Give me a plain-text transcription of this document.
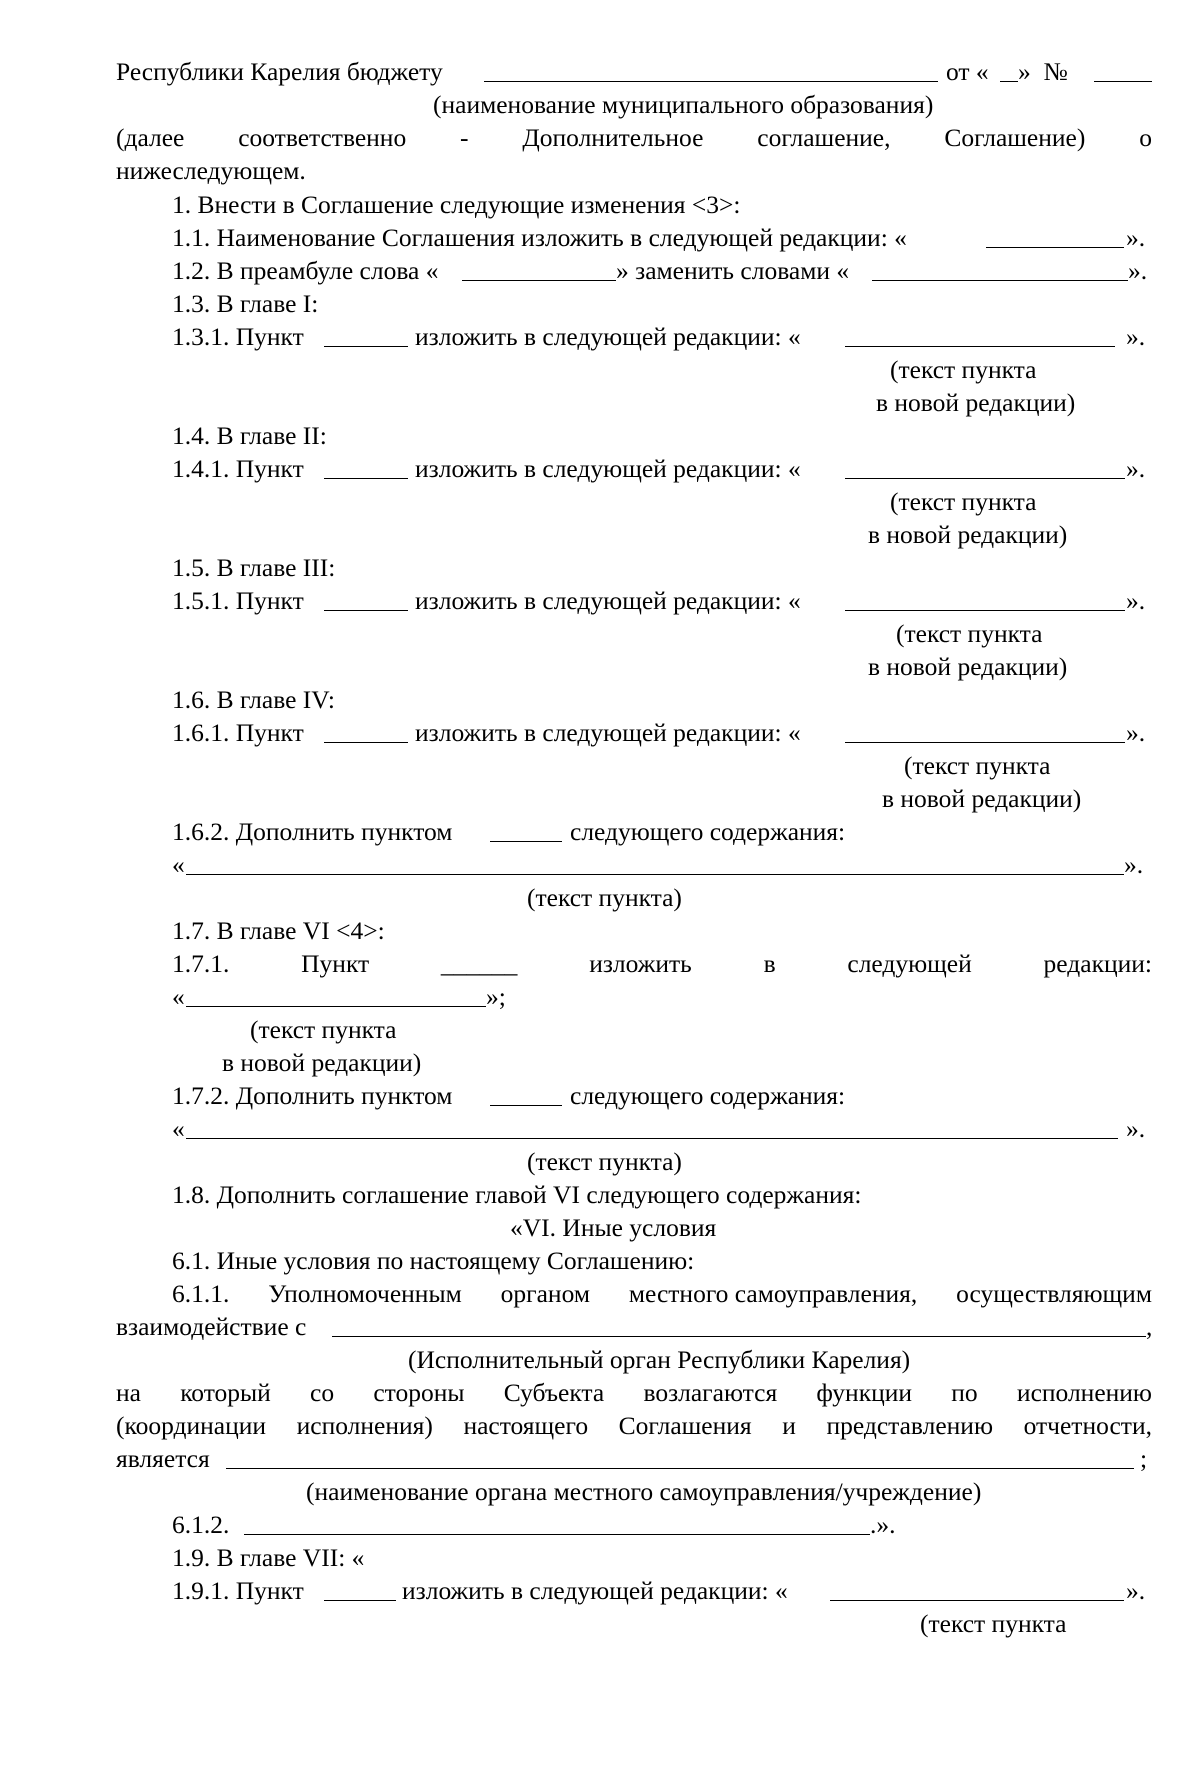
Республики Карелия бюджету

	от «

»  №

(наименование муниципального образования)

(далее соответственно - Дополнительное соглашение, Соглашение) о

нижеследующем.

1. Внести в Соглашение следующие изменения <3>:

1.1. Наименование Соглашения изложить в следующей редакции: «

	».

1.2. В преамбуле слова «

	» заменить словами «

	».

1.3. В главе I:

1.3.1. Пункт

	изложить в следующей редакции: «

	».

(текст пункта

в новой редакции)

1.4. В главе II:

1.4.1. Пункт

	изложить в следующей редакции: «

	».

(текст пункта

в новой редакции)

1.5. В главе III:

1.5.1. Пункт

	изложить в следующей редакции: «

	».

(текст пункта

в новой редакции)

1.6. В главе IV:

1.6.1. Пункт

	изложить в следующей редакции: «

	».

(текст пункта

в новой редакции)

1.6.2. Дополнить пунктом

	следующего содержания:

«

	».

(текст пункта)

1.7. В главе VI <4>:

1.7.1.	Пункт	______	изложить	в	следующей	редакции:

«

	»;

(текст пункта

в новой редакции)

1.7.2. Дополнить пунктом

	следующего содержания:

«

	».

(текст пункта)

1.8. Дополнить соглашение главой VI следующего содержания:

«VI. Иные условия

6.1. Иные условия по настоящему Соглашению:

6.1.1. Уполномоченным органом местного самоуправления, осуществляющим

взаимодействие с

	,

(Исполнительный орган Республики Карелия)

на который со стороны Субъекта возлагаются функции по исполнению

(координации исполнения) настоящего Соглашения и представлению отчетности,

является

	;

(наименование органа местного самоуправления/учреждение)

6.1.2.

	.».

1.9. В главе VII: «

1.9.1. Пункт

	изложить в следующей редакции: «

	».

(текст пункта
